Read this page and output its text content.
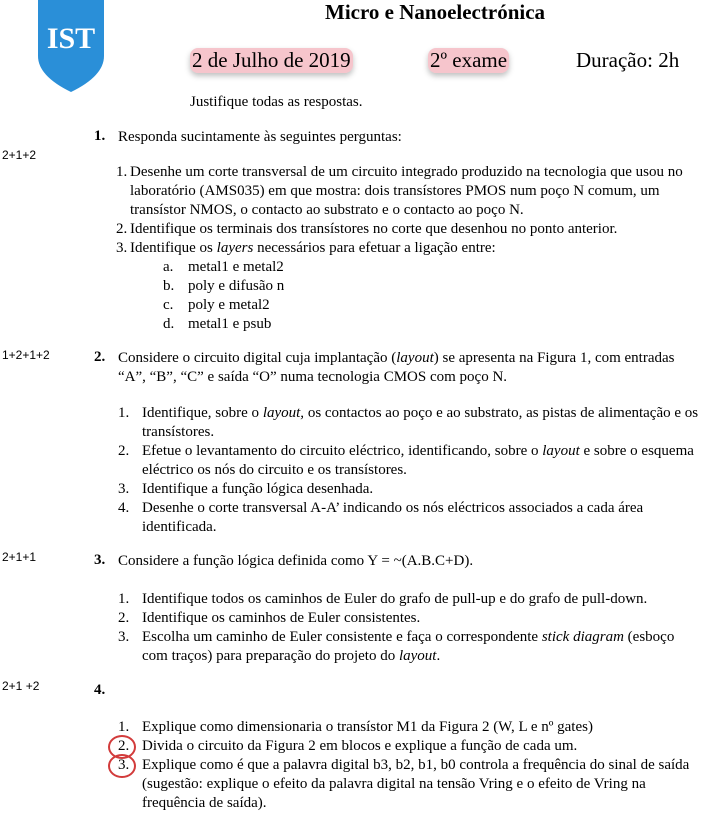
IST
Micro e Nanoelectrónica
2 de Julho de 2019	2º exame	Duração: 2h
Justifique todas as respostas.
2+1+2
1. Responda sucintamente às seguintes perguntas:
1. Desenhe um corte transversal de um circuito integrado produzido na tecnologia que usou no laboratório (AMS035) em que mostra: dois transístores PMOS num poço N comum, um transístor NMOS, o contacto ao substrato e o contacto ao poço N.
2. Identifique os terminais dos transístores no corte que desenhou no ponto anterior.
3. Identifique os layers necessários para efetuar a ligação entre:
a. metal1 e metal2
b. poly e difusão n
c. poly e metal2
d. metal1 e psub
1+2+1+2	2. Considere o circuito digital cuja implantação (layout) se apresenta na Figura 1, com entradas “A”, “B”, “C” e saída “O” numa tecnologia CMOS com poço N.
1. Identifique, sobre o layout, os contactos ao poço e ao substrato, as pistas de alimentação e os transístores.
2. Efetue o levantamento do circuito eléctrico, identificando, sobre o layout e sobre o esquema eléctrico os nós do circuito e os transístores.
3. Identifique a função lógica desenhada.
4. Desenhe o corte transversal A-A’ indicando os nós eléctricos associados a cada área identificada.
2+1+1	3. Considere a função lógica definida como Y = ~(A.B.C+D).
1. Identifique todos os caminhos de Euler do grafo de pull-up e do grafo de pull-down.
2. Identifique os caminhos de Euler consistentes.
3. Escolha um caminho de Euler consistente e faça o correspondente stick diagram (esboço com traços) para preparação do projeto do layout.
2+1 +2	4.
1. Explique como dimensionaria o transístor M1 da Figura 2 (W, L e nº gates)
2. Divida o circuito da Figura 2 em blocos e explique a função de cada um.
3. Explique como é que a palavra digital b3, b2, b1, b0 controla a frequência do sinal de saída (sugestão: explique o efeito da palavra digital na tensão Vring e o efeito de Vring na frequência de saída).
